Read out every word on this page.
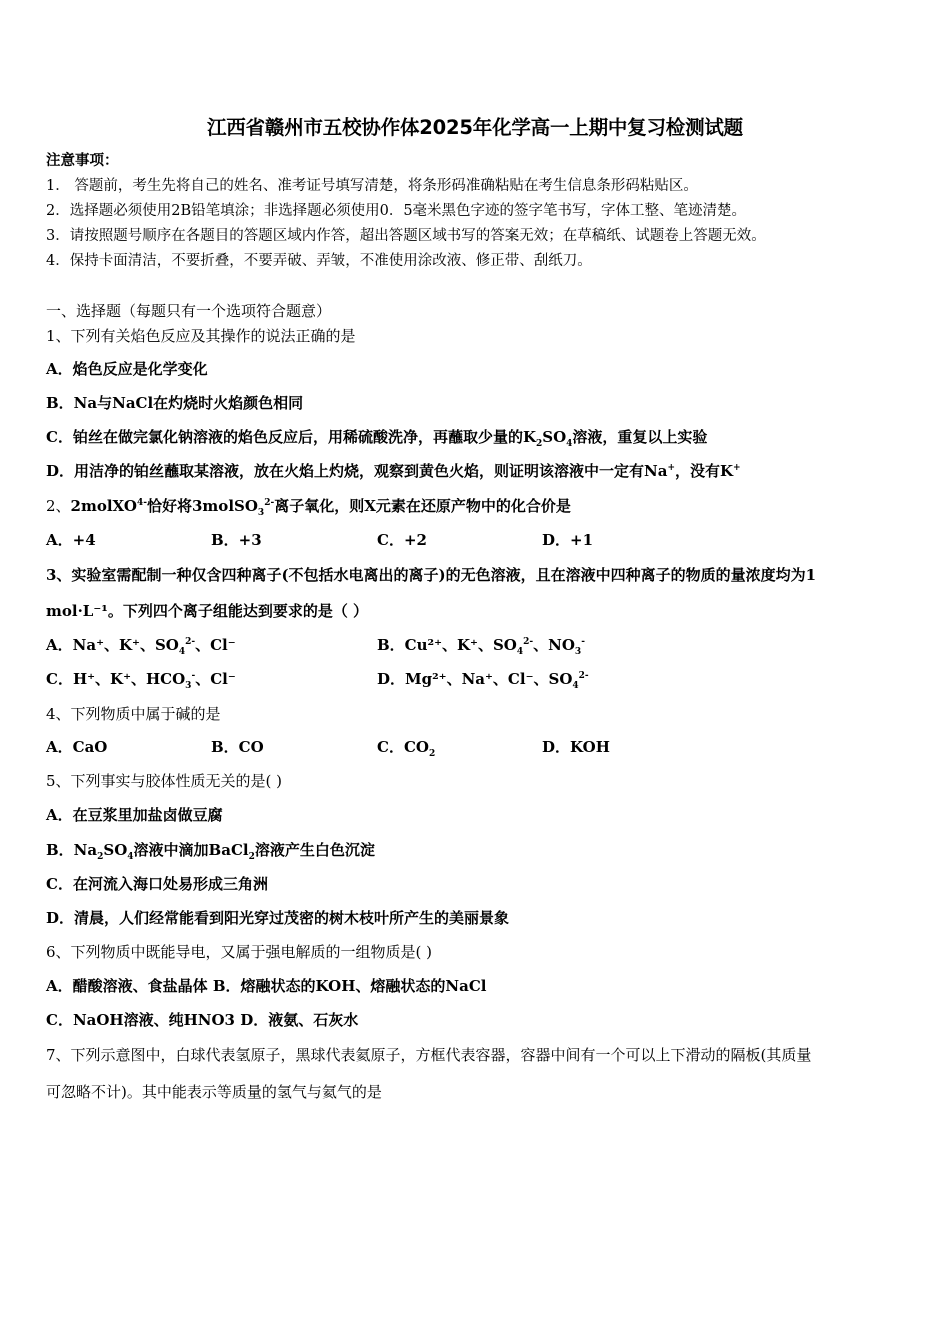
江西省赣州市五校协作体2025年化学高一上期中复习检测试题
注意事项：
1． 答题前，考生先将自己的姓名、准考证号填写清楚，将条形码准确粘贴在考生信息条形码粘贴区。
2．选择题必须使用2B铅笔填涂；非选择题必须使用0．5毫米黑色字迹的签字笔书写，字体工整、笔迹清楚。
3．请按照题号顺序在各题目的答题区域内作答，超出答题区域书写的答案无效；在草稿纸、试题卷上答题无效。
4．保持卡面清洁，不要折叠，不要弄破、弄皱，不准使用涂改液、修正带、刮纸刀。
一、选择题（每题只有一个选项符合题意）
1、下列有关焰色反应及其操作的说法正确的是
A．焰色反应是化学变化
B．Na与NaCl在灼烧时火焰颜色相同
C．铂丝在做完氯化钠溶液的焰色反应后，用稀硫酸洗净，再蘸取少量的$K_2SO_4$溶液，重复以上实验
D．用洁净的铂丝蘸取某溶液，放在火焰上灼烧，观察到黄色火焰，则证明该溶液中一定有Na+，没有K+
2、2molXO$^{4-}$恰好将3molSO$_3^{2-}$离子氧化，则X元素在还原产物中的化合价是
A．+4	B．+3	C．+2	D．+1
3、实验室需配制一种仅含四种离子(不包括水电离出的离子)的无色溶液，且在溶液中四种离子的物质的量浓度均为1
mol·L⁻¹。下列四个离子组能达到要求的是（ ）
A．Na⁺、K⁺、$SO_4^{2-}$、Cl⁻	B．Cu²⁺、K⁺、$SO_4^{2-}$、$NO_3^-$
C．H⁺、K⁺、$HCO_3^-$、Cl⁻	D．Mg²⁺、Na⁺、Cl⁻、$SO_4^{2-}$
4、下列物质中属于碱的是
A．CaO	B．CO	C．$CO_2$	D．KOH
5、下列事实与胶体性质无关的是( )
A．在豆浆里加盐卤做豆腐
B．$Na_2SO_4$溶液中滴加BaCl$_2$溶液产生白色沉淀
C．在河流入海口处易形成三角洲
D．清晨，人们经常能看到阳光穿过茂密的树木枝叶所产生的美丽景象
6、下列物质中既能导电，又属于强电解质的一组物质是( )
A．醋酸溶液、食盐晶体 B．熔融状态的KOH、熔融状态的NaCl
C．NaOH溶液、纯HNO3 D．液氨、石灰水
7、下列示意图中，白球代表氢原子，黑球代表氦原子，方框代表容器，容器中间有一个可以上下滑动的隔板(其质量
可忽略不计)。其中能表示等质量的氢气与氦气的是
